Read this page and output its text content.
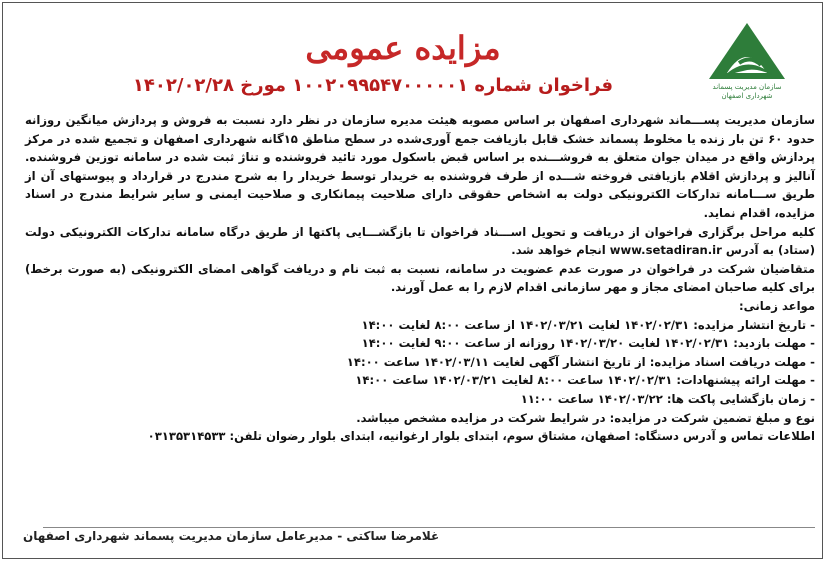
سازمان مدیریت پسماند شهرداری اصفهان
مزایده عمومی
فراخوان شماره ۱۰۰۲۰۹۹۵۴۷۰۰۰۰۰۱ مورخ ۱۴۰۲/۰۲/۲۸

سازمان مدیریت پســـماند شهرداری اصفهان بر اساس مصوبه هیئت مدیره سازمان در نظر دارد نسبت به فروش و پردازش میانگین روزانه حدود ۶۰ تن بار زنده یا مخلوط پسماند خشک قابل بازیافت جمع آوری‌شده در سطح مناطق ۱۵گانه شهرداری اصفهان و تجمیع شده در مرکز پردازش واقع در میدان جوان متعلق به فروشـــنده بر اساس قبض باسکول مورد تائید فروشنده و تناژ ثبت شده در سامانه توزین فروشنده. آنالیز و پردازش اقلام بازیافتی فروخته شـــده از طرف فروشنده به خریدار توسط خریدار را به شرح مندرج در قرارداد و پیوستهای آن از طریق ســـامانه تدارکات الکترونیکی دولت به اشخاص حقوقی دارای صلاحیت پیمانکاری و صلاحیت ایمنی و سایر شرایط مندرج در اسناد مزایده، اقدام نماید.

کلیه مراحل برگزاری فراخوان از دریافت و تحویل اســـناد فراخوان تا بازگشـــایی پاکتها از طریق درگاه سامانه تدارکات الکترونیکی دولت (ستاد) به آدرس www.setadiran.ir انجام خواهد شد.

متقاضیان شرکت در فراخوان در صورت عدم عضویت در سامانه، نسبت به ثبت نام و دریافت گواهی امضای الکترونیکی (به صورت برخط) برای کلیه صاحبان امضای مجاز و مهر سازمانی اقدام لازم را به عمل آورند.

مواعد زمانی:

- تاریخ انتشار مزایده: ۱۴۰۲/۰۲/۳۱ لغایت ۱۴۰۲/۰۳/۲۱ از ساعت ۸:۰۰ لغایت ۱۴:۰۰
- مهلت بازدید: ۱۴۰۲/۰۲/۳۱ لغایت ۱۴۰۲/۰۳/۲۰ روزانه از ساعت ۹:۰۰ لغایت ۱۴:۰۰
- مهلت دریافت اسناد مزایده: از تاریخ انتشار آگهی لغایت ۱۴۰۲/۰۳/۱۱ ساعت ۱۴:۰۰
- مهلت ارائه پیشنهادات: ۱۴۰۲/۰۲/۳۱ ساعت ۸:۰۰ لغایت ۱۴۰۲/۰۳/۲۱ ساعت ۱۴:۰۰
- زمان بازگشایی پاکت ها: ۱۴۰۲/۰۳/۲۲ ساعت ۱۱:۰۰

نوع و مبلغ تضمین شرکت در مزایده: در شرایط شرکت در مزایده مشخص میباشد.

اطلاعات تماس و آدرس دستگاه: اصفهان، مشتاق سوم، ابتدای بلوار ارغوانیه، ابتدای بلوار رضوان تلفن: ۰۳۱۳۵۳۱۴۵۳۳

غلامرضا ساکتی - مدیرعامل سازمان مدیریت پسماند شهرداری اصفهان
